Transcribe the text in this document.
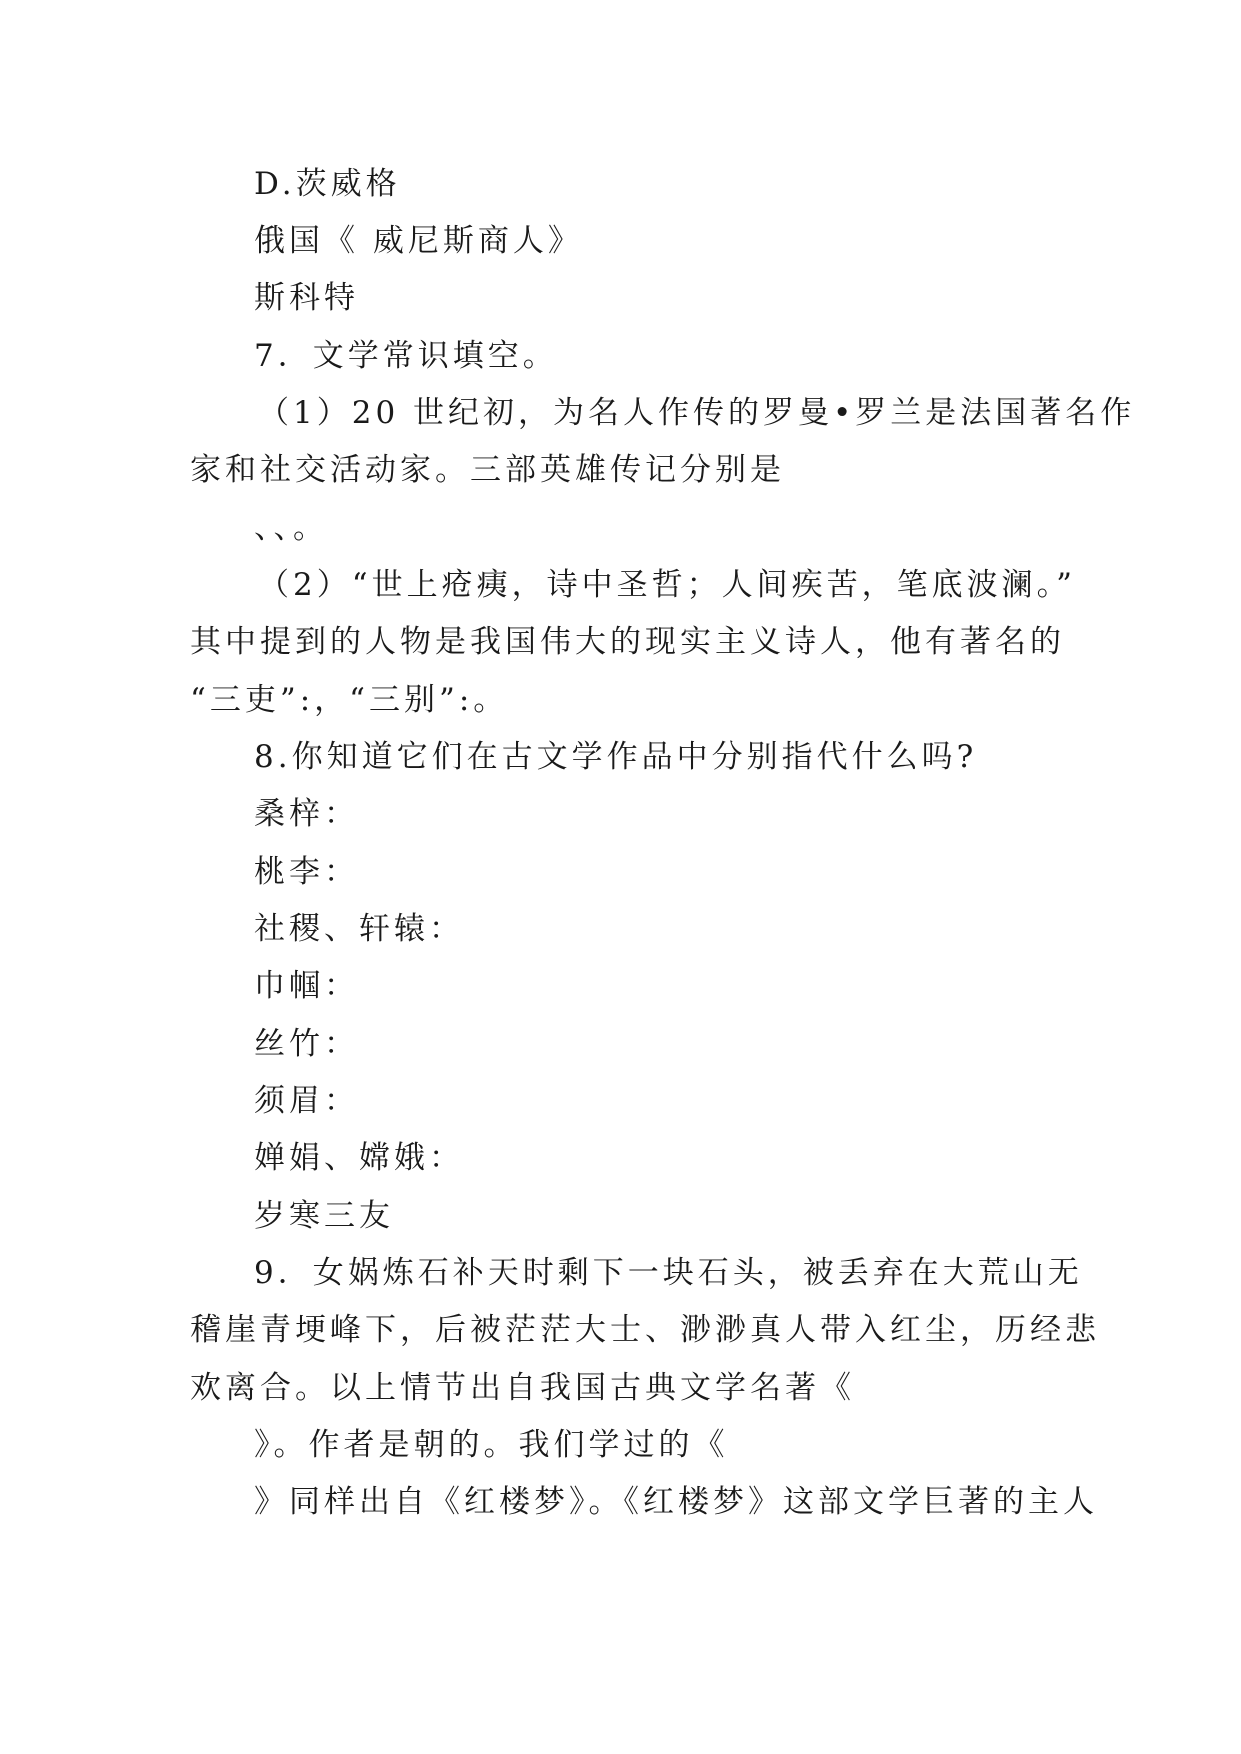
D.茨威格

俄国《 威尼斯商人》

斯科特

7．文学常识填空。

（1）20 世纪初，为名人作传的罗曼•罗兰是法国著名作

家和社交活动家。三部英雄传记分别是

、、。

（2）“世上疮痍，诗中圣哲；人间疾苦，笔底波澜。”

其中提到的人物是我国伟大的现实主义诗人，他有著名的

“三吏”:，“三别”:。

8.你知道它们在古文学作品中分别指代什么吗?

桑梓：

桃李：

社稷、轩辕：

巾帼：

丝竹：

须眉：

婵娟、嫦娥：

岁寒三友

9．女娲炼石补天时剩下一块石头，被丢弃在大荒山无

稽崖青埂峰下，后被茫茫大士、渺渺真人带入红尘，历经悲

欢离合。以上情节出自我国古典文学名著《

》。作者是朝的。我们学过的《

》同样出自《红楼梦》。《红楼梦》这部文学巨著的主人
